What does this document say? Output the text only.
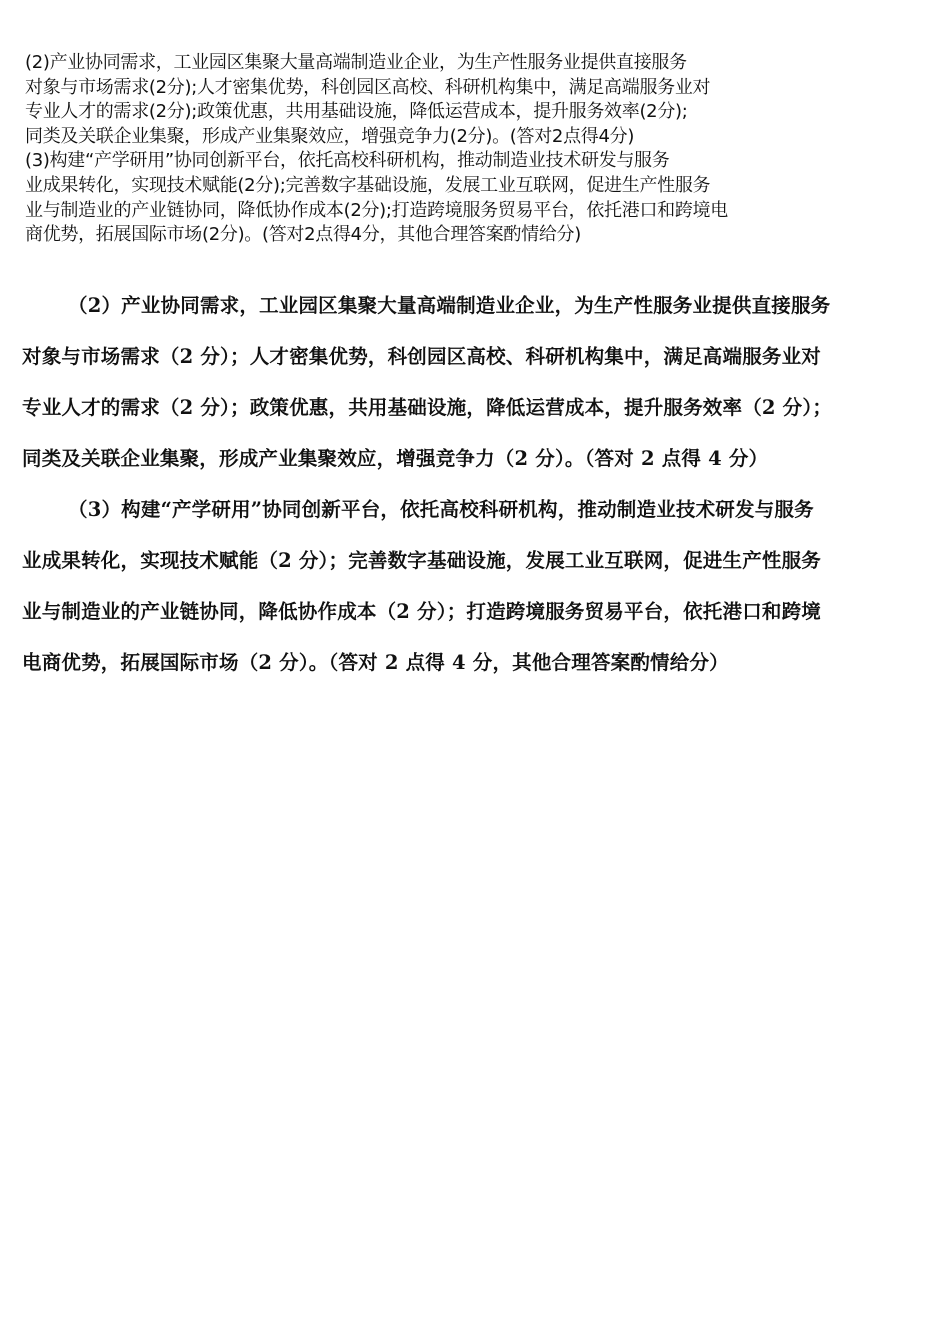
(2)产业协同需求，工业园区集聚大量高端制造业企业，为生产性服务业提供直接服务
对象与市场需求(2分);人才密集优势，科创园区高校、科研机构集中，满足高端服务业对
专业人才的需求(2分);政策优惠，共用基础设施，降低运营成本，提升服务效率(2分);
同类及关联企业集聚，形成产业集聚效应，增强竞争力(2分)。(答对2点得4分)
(3)构建“产学研用”协同创新平台，依托高校科研机构，推动制造业技术研发与服务
业成果转化，实现技术赋能(2分);完善数字基础设施，发展工业互联网，促进生产性服务
业与制造业的产业链协同，降低协作成本(2分);打造跨境服务贸易平台，依托港口和跨境电
商优势，拓展国际市场(2分)。(答对2点得4分，其他合理答案酌情给分)
（2）产业协同需求，工业园区集聚大量高端制造业企业，为生产性服务业提供直接服务
对象与市场需求（2 分）；人才密集优势，科创园区高校、科研机构集中，满足高端服务业对
专业人才的需求（2 分）；政策优惠，共用基础设施，降低运营成本，提升服务效率（2 分）；
同类及关联企业集聚，形成产业集聚效应，增强竞争力（2 分）。（答对 2 点得 4 分）
（3）构建“产学研用”协同创新平台，依托高校科研机构，推动制造业技术研发与服务
业成果转化，实现技术赋能（2 分）；完善数字基础设施，发展工业互联网，促进生产性服务
业与制造业的产业链协同，降低协作成本（2 分）；打造跨境服务贸易平台，依托港口和跨境
电商优势，拓展国际市场（2 分）。（答对 2 点得 4 分，其他合理答案酌情给分）
